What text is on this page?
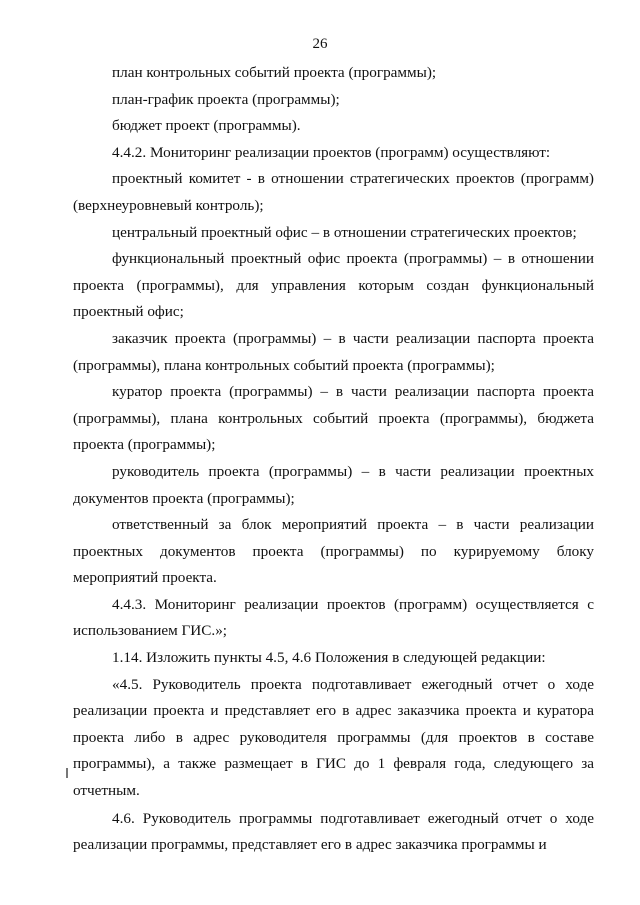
26

план контрольных событий проекта (программы);

план-график проекта (программы);

бюджет проект (программы).

4.4.2. Мониторинг реализации проектов (программ) осуществляют:

проектный комитет - в отношении стратегических проектов (программ) (верхнеуровневый контроль);

центральный проектный офис – в отношении стратегических проектов;

функциональный проектный офис проекта (программы) – в отношении проекта (программы), для управления которым создан функциональный проектный офис;

заказчик проекта (программы) – в части реализации паспорта проекта (программы), плана контрольных событий проекта (программы);

куратор проекта (программы) – в части реализации паспорта проекта (программы), плана контрольных событий проекта (программы), бюджета проекта (программы);

руководитель проекта (программы) – в части реализации проектных документов проекта (программы);

ответственный за блок мероприятий проекта – в части реализации проектных документов проекта (программы) по курируемому блоку мероприятий проекта.

4.4.3. Мониторинг реализации проектов (программ) осуществляется с использованием ГИС.»;

1.14. Изложить пункты 4.5, 4.6 Положения в следующей редакции:

«4.5. Руководитель проекта подготавливает ежегодный отчет о ходе реализации проекта и представляет его в адрес заказчика проекта и куратора проекта либо в адрес руководителя программы (для проектов в составе программы), а также размещает в ГИС до 1 февраля года, следующего за отчетным.

4.6. Руководитель программы подготавливает ежегодный отчет о ходе реализации программы, представляет его в адрес заказчика программы и
